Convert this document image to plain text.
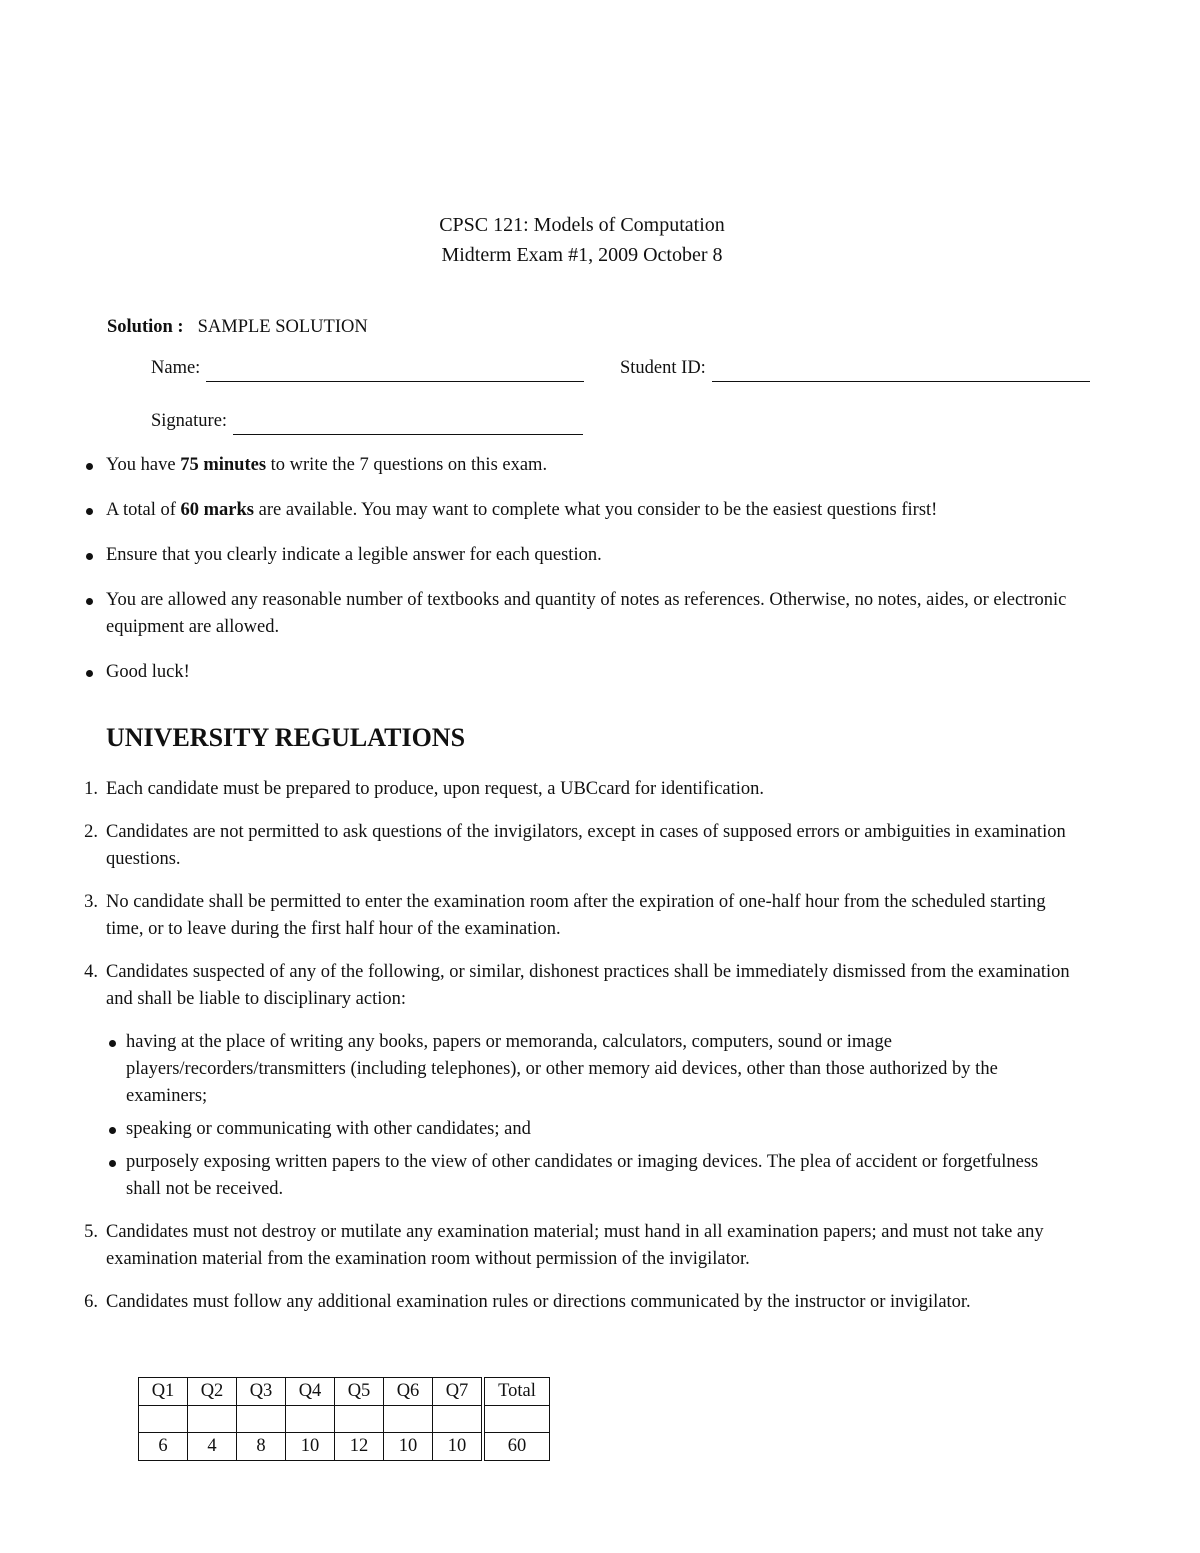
CPSC 121: Models of Computation
Midterm Exam #1, 2009 October 8
Solution : SAMPLE SOLUTION
Name:	Student ID:
Signature:
You have 75 minutes to write the 7 questions on this exam.
A total of 60 marks are available. You may want to complete what you consider to be the easiest questions first!
Ensure that you clearly indicate a legible answer for each question.
You are allowed any reasonable number of textbooks and quantity of notes as references. Otherwise, no notes, aides, or electronic equipment are allowed.
Good luck!
UNIVERSITY REGULATIONS
1. Each candidate must be prepared to produce, upon request, a UBCcard for identification.
2. Candidates are not permitted to ask questions of the invigilators, except in cases of supposed errors or ambiguities in examination questions.
3. No candidate shall be permitted to enter the examination room after the expiration of one-half hour from the scheduled starting time, or to leave during the first half hour of the examination.
4. Candidates suspected of any of the following, or similar, dishonest practices shall be immediately dismissed from the examination and shall be liable to disciplinary action:
having at the place of writing any books, papers or memoranda, calculators, computers, sound or image players/recorders/transmitters (including telephones), or other memory aid devices, other than those authorized by the examiners;
speaking or communicating with other candidates; and
purposely exposing written papers to the view of other candidates or imaging devices. The plea of accident or forgetfulness shall not be received.
5. Candidates must not destroy or mutilate any examination material; must hand in all examination papers; and must not take any examination material from the examination room without permission of the invigilator.
6. Candidates must follow any additional examination rules or directions communicated by the instructor or invigilator.
Q1	Q2	Q3	Q4	Q5	Q6	Q7	Total

6	4	8	10	12	10	10	60
